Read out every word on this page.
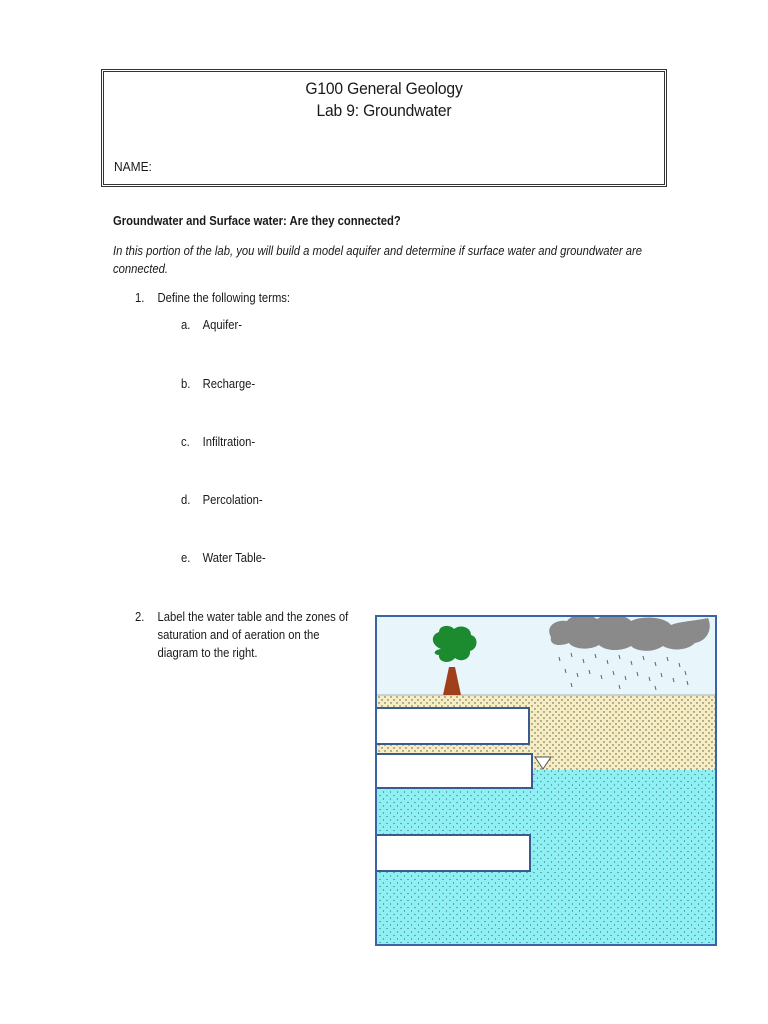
G100 General Geology
Lab 9: Groundwater
NAME:
Groundwater and Surface water: Are they connected?
In this portion of the lab, you will build a model aquifer and determine if surface water and groundwater are
connected.
1. Define the following terms:
a. Aquifer-
b. Recharge-
c. Infiltration-
d. Percolation-
e. Water Table-
2. Label the water table and the zones of
saturation and of aeration on the
diagram to the right.
